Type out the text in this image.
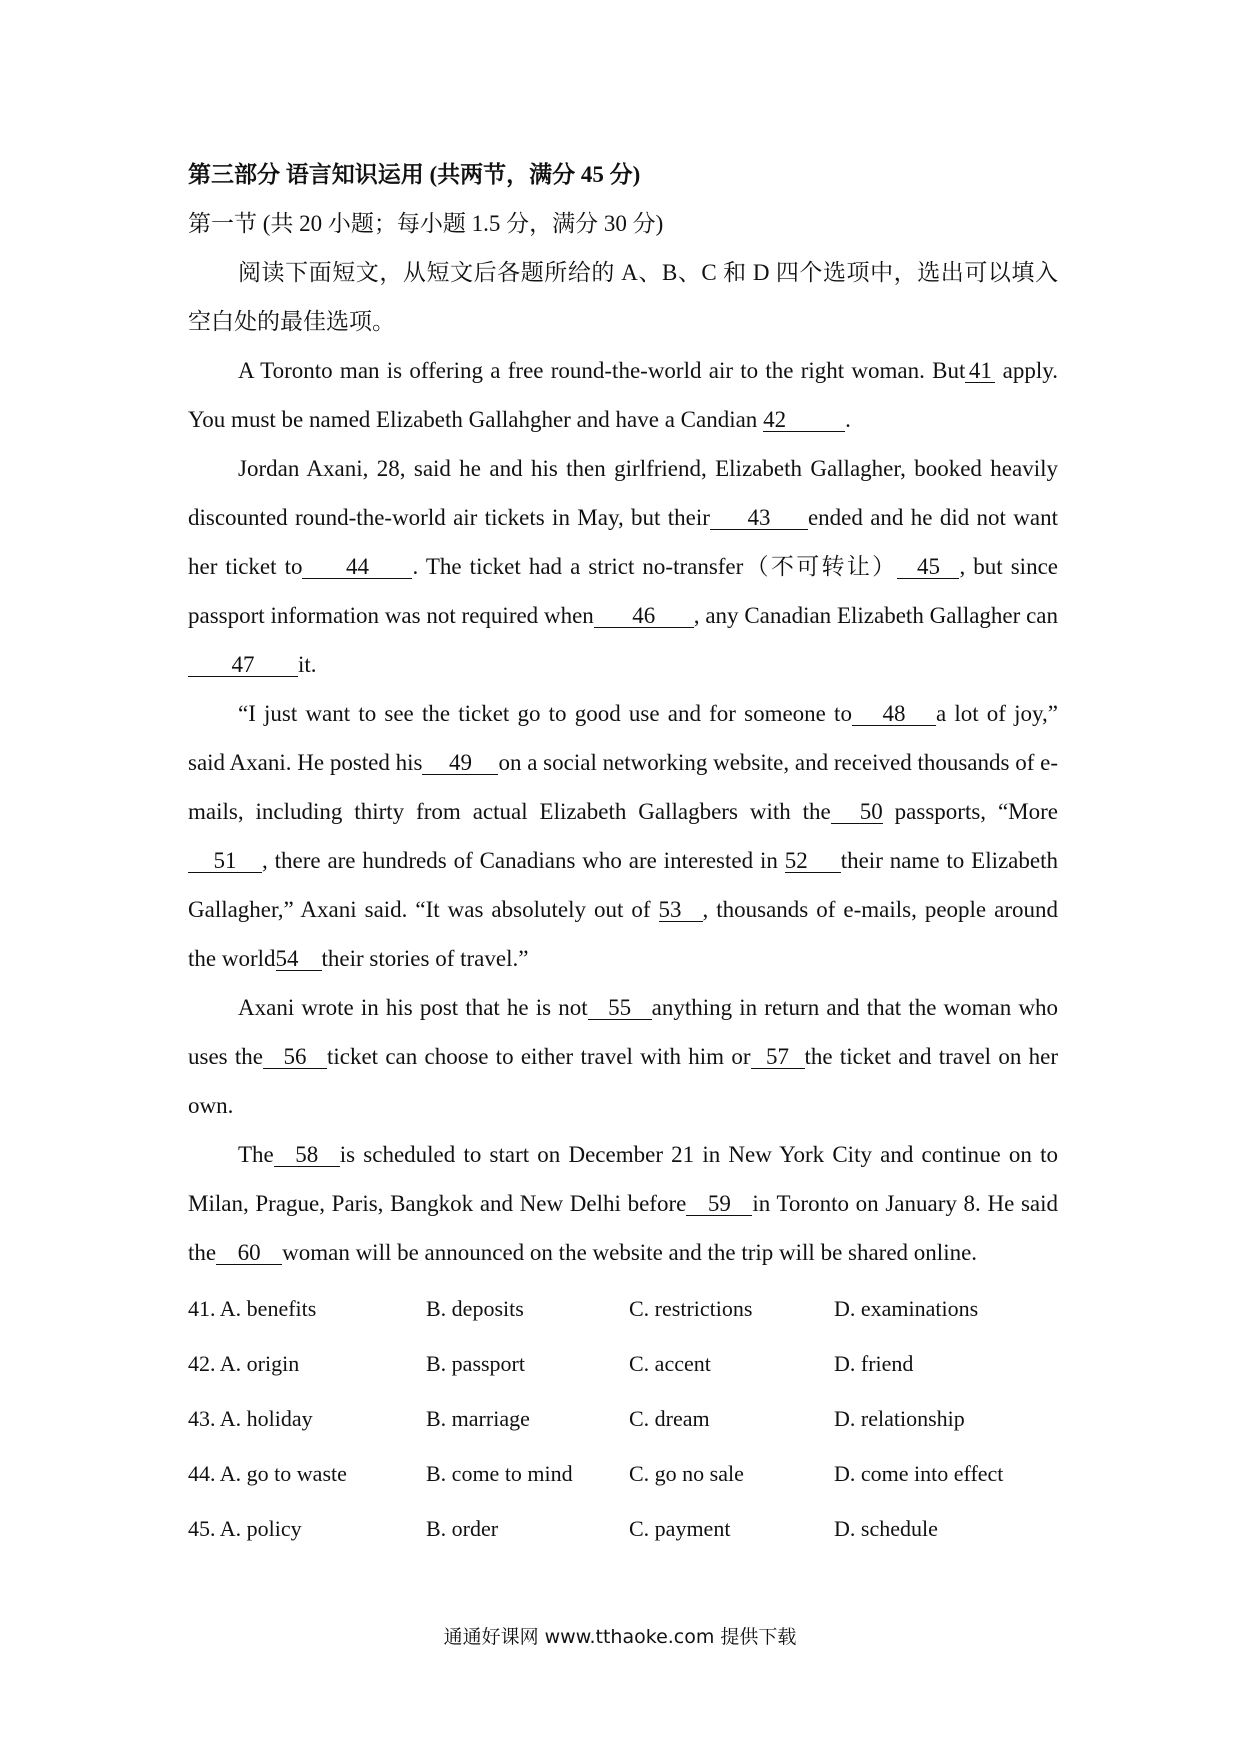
第三部分 语言知识运用 (共两节，满分 45 分)

第一节 (共 20 小题；每小题 1.5 分，满分 30 分)

阅读下面短文，从短文后各题所给的 A、B、C 和 D 四个选项中，选出可以填入空白处的最佳选项。

A Toronto man is offering a free round-the-world air to the right woman. But 41 apply. You must be named Elizabeth Gallahgher and have a Candian 42	.

Jordan Axani, 28, said he and his then girlfriend, Elizabeth Gallagher, booked heavily discounted round-the-world air tickets in May, but their 43 ended and he did not want her ticket to 44 . The ticket had a strict no-transfer（不可转让） 45 , but since passport information was not required when 46 , any Canadian Elizabeth Gallagher can47 it.

“I just want to see the ticket go to good use and for someone to 48 a lot of joy,” said Axani. He posted his 49 on a social networking website, and received thousands of e-mails, including thirty from actual Elizabeth Gallagbers with the 50 passports, “More51 , there are hundreds of Canadians who are interested in 52 their name to Elizabeth Gallagher,” Axani said. “It was absolutely out of 53 , thousands of e-mails, people around the world54 their stories of travel.”

Axani wrote in his post that he is not 55 anything in return and that the woman who uses the 56 ticket can choose to either travel with him or 57 the ticket and travel on her own.

The 58 is scheduled to start on December 21 in New York City and continue on to Milan, Prague, Paris, Bangkok and New Delhi before 59 in Toronto on January 8. He said the 60 woman will be announced on the website and the trip will be shared online.

41. A. benefits	B. deposits	C. restrictions	D. examinations
42. A. origin	B. passport	C. accent	D. friend
43. A. holiday	B. marriage	C. dream	D. relationship
44. A. go to waste	B. come to mind	C. go no sale	D. come into effect
45. A. policy	B. order	C. payment	D. schedule
通通好课网 www.tthaoke.com 提供下载
